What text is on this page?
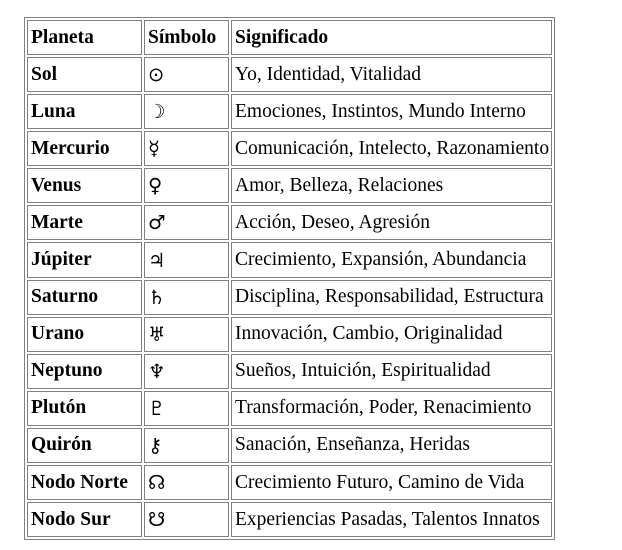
Planeta	Símbolo	Significado
Sol	⊙	Yo, Identidad, Vitalidad
Luna	☽	Emociones, Instintos, Mundo Interno
Mercurio	☿	Comunicación, Intelecto, Razonamiento
Venus	♀	Amor, Belleza, Relaciones
Marte	♂	Acción, Deseo, Agresión
Júpiter	♃	Crecimiento, Expansión, Abundancia
Saturno	♄	Disciplina, Responsabilidad, Estructura
Urano	♅	Innovación, Cambio, Originalidad
Neptuno	♆	Sueños, Intuición, Espiritualidad
Plutón	♇	Transformación, Poder, Renacimiento
Quirón	⚷	Sanación, Enseñanza, Heridas
Nodo Norte	☊	Crecimiento Futuro, Camino de Vida
Nodo Sur	☋	Experiencias Pasadas, Talentos Innatos
